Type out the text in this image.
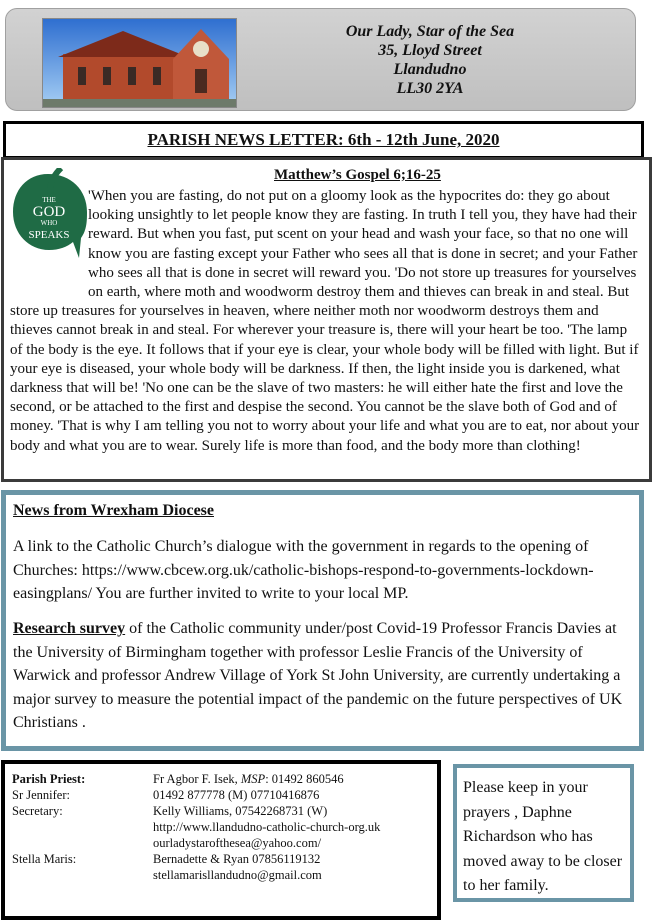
Our Lady, Star of the Sea
35, Lloyd Street
Llandudno
LL30 2YA
PARISH NEWS LETTER: 6th - 12th June, 2020
THE
GOD
WHO
SPEAKS
Matthew’s Gospel 6;16-25
'When you are fasting, do not put on a gloomy look as the hypocrites do: they go about looking unsightly to let people know they are fasting. In truth I tell you, they have had their reward. But when you fast, put scent on your head and wash your face, so that no one will know you are fasting except your Father who sees all that is done in secret; and your Father who sees all that is done in secret will reward you. 'Do not store up treasures for yourselves on earth, where moth and woodworm destroy them and thieves can break in and steal. But store up treasures for yourselves in heaven, where neither moth nor woodworm destroys them and thieves cannot break in and steal. For wherever your treasure is, there will your heart be too. 'The lamp of the body is the eye. It follows that if your eye is clear, your whole body will be filled with light. But if your eye is diseased, your whole body will be darkness. If then, the light inside you is darkened, what darkness that will be! 'No one can be the slave of two masters: he will either hate the first and love the second, or be attached to the first and despise the second. You cannot be the slave both of God and of money. 'That is why I am telling you not to worry about your life and what you are to eat, nor about your body and what you are to wear. Surely life is more than food, and the body more than clothing!
News from Wrexham Diocese

A link to the Catholic Church’s dialogue with the government in regards to the opening of Churches: https://www.cbcew.org.uk/catholic-bishops-respond-to-governments-lockdown-easingplans/ You are further invited to write to your local MP.

Research survey of the Catholic community under/post Covid-19 Professor Francis Davies at the University of Birmingham together with professor Leslie Francis of the University of Warwick and professor Andrew Village of York St John University, are currently undertaking a major survey to measure the potential impact of the pandemic on the future perspectives of UK Christians .

Parish Priest:	Fr Agbor F. Isek, MSP: 01492 860546
Sr Jennifer:	01492 877778 (M) 07710416876
Secretary:	Kelly Williams, 07542268731 (W)
http://www.llandudno-catholic-church-org.uk
ourladystarofthesea@yahoo.com/
Stella Maris:	Bernadette & Ryan 07856119132
stellamarisllandudno@gmail.com

Please keep in your prayers , Daphne Richardson who has moved away to be closer to her family.
